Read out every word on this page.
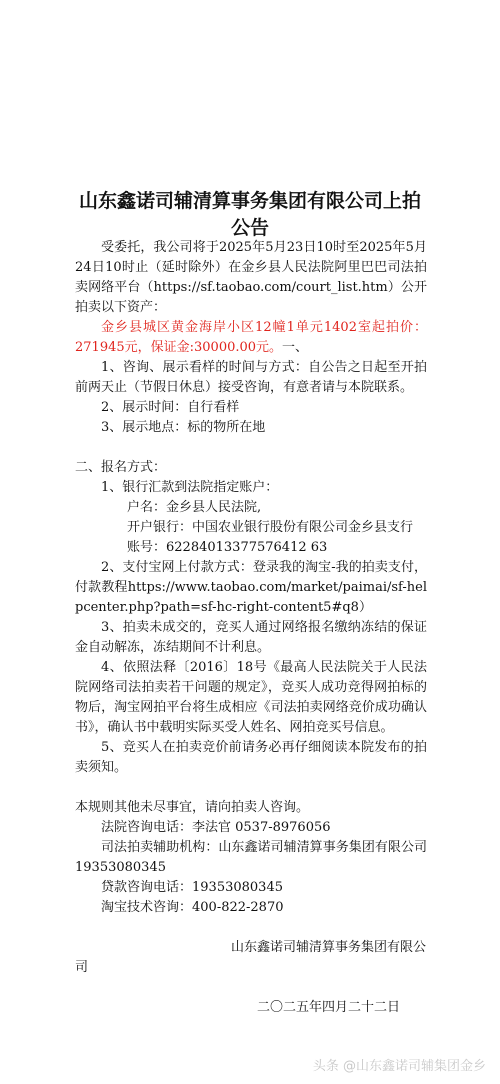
山东鑫诺司辅清算事务集团有限公司上拍公告

受委托，我公司将于2025年5月23日10时至2025年5月24日10时止（延时除外）在金乡县人民法院阿里巴巴司法拍卖网络平台（https://sf.taobao.com/court_list.htm）公开拍卖以下资产：

金乡县城区黄金海岸小区12幢1单元1402室起拍价：271945元，保证金:30000.00元。一、

1、咨询、展示看样的时间与方式：自公告之日起至开拍前两天止（节假日休息）接受咨询，有意者请与本院联系。

2、展示时间：自行看样

3、展示地点：标的物所在地

二、报名方式：

1、银行汇款到法院指定账户：

户名：金乡县人民法院,

开户银行：中国农业银行股份有限公司金乡县支行

账号：62284013377576412 63

2、支付宝网上付款方式：登录我的淘宝-我的拍卖支付，付款教程https://www.taobao.com/market/paimai/sf-helpcenter.php?path=sf-hc-right-content5#q8）

3、拍卖未成交的，竞买人通过网络报名缴纳冻结的保证金自动解冻，冻结期间不计利息。

4、依照法释〔2016〕18号《最高人民法院关于人民法院网络司法拍卖若干问题的规定》，竞买人成功竞得网拍标的物后，淘宝网拍平台将生成相应《司法拍卖网络竞价成功确认书》，确认书中载明实际买受人姓名、网拍竞买号信息。

5、竞买人在拍卖竞价前请务必再仔细阅读本院发布的拍卖须知。

本规则其他未尽事宜，请向拍卖人咨询。

法院咨询电话：李法官 0537-8976056

司法拍卖辅助机构：山东鑫诺司辅清算事务集团有限公司19353080345

贷款咨询电话：19353080345

淘宝技术咨询：400-822-2870

山东鑫诺司辅清算事务集团有限公司

二〇二五年四月二十二日

头条 @山东鑫诺司辅集团金乡
